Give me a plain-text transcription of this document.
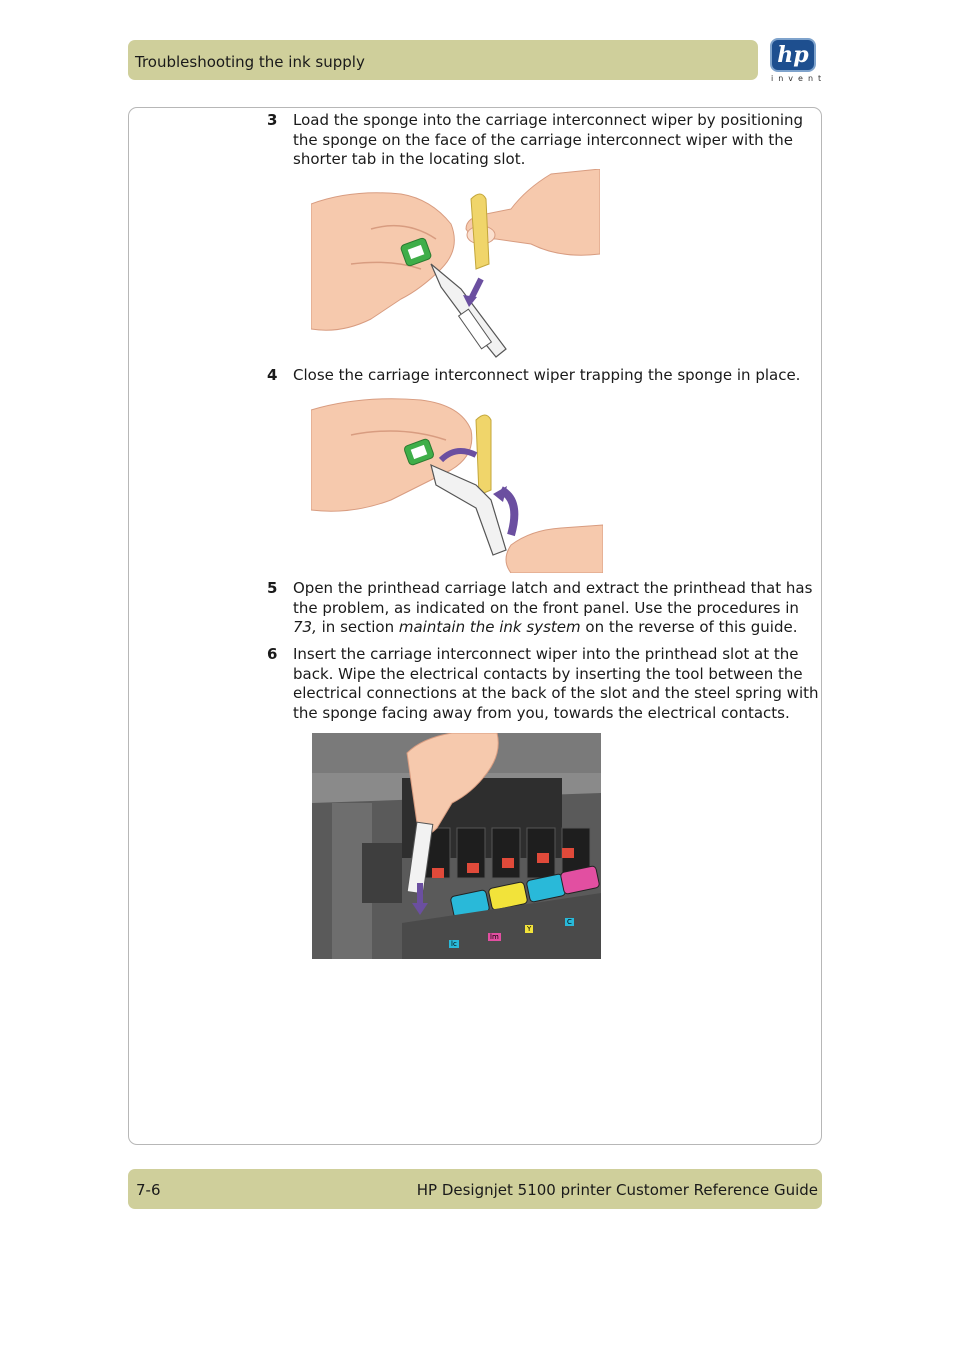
Troubleshooting the ink supply	hp
invent
3 Load the sponge into the carriage interconnect wiper by positioning the sponge on the face of the carriage interconnect wiper with the shorter tab in the locating slot.
4 Close the carriage interconnect wiper trapping the sponge in place.
5 Open the printhead carriage latch and extract the printhead that has the problem, as indicated on the front panel. Use the procedures in 73, in section maintain the ink system on the reverse of this guide.
6 Insert the carriage interconnect wiper into the printhead slot at the back. Wipe the electrical contacts by inserting the tool between the electrical connections at the back of the slot and the steel spring with the sponge facing away from you, towards the electrical contacts.
lc
lm
Y
C
7-6	HP Designjet 5100 printer Customer Reference Guide
